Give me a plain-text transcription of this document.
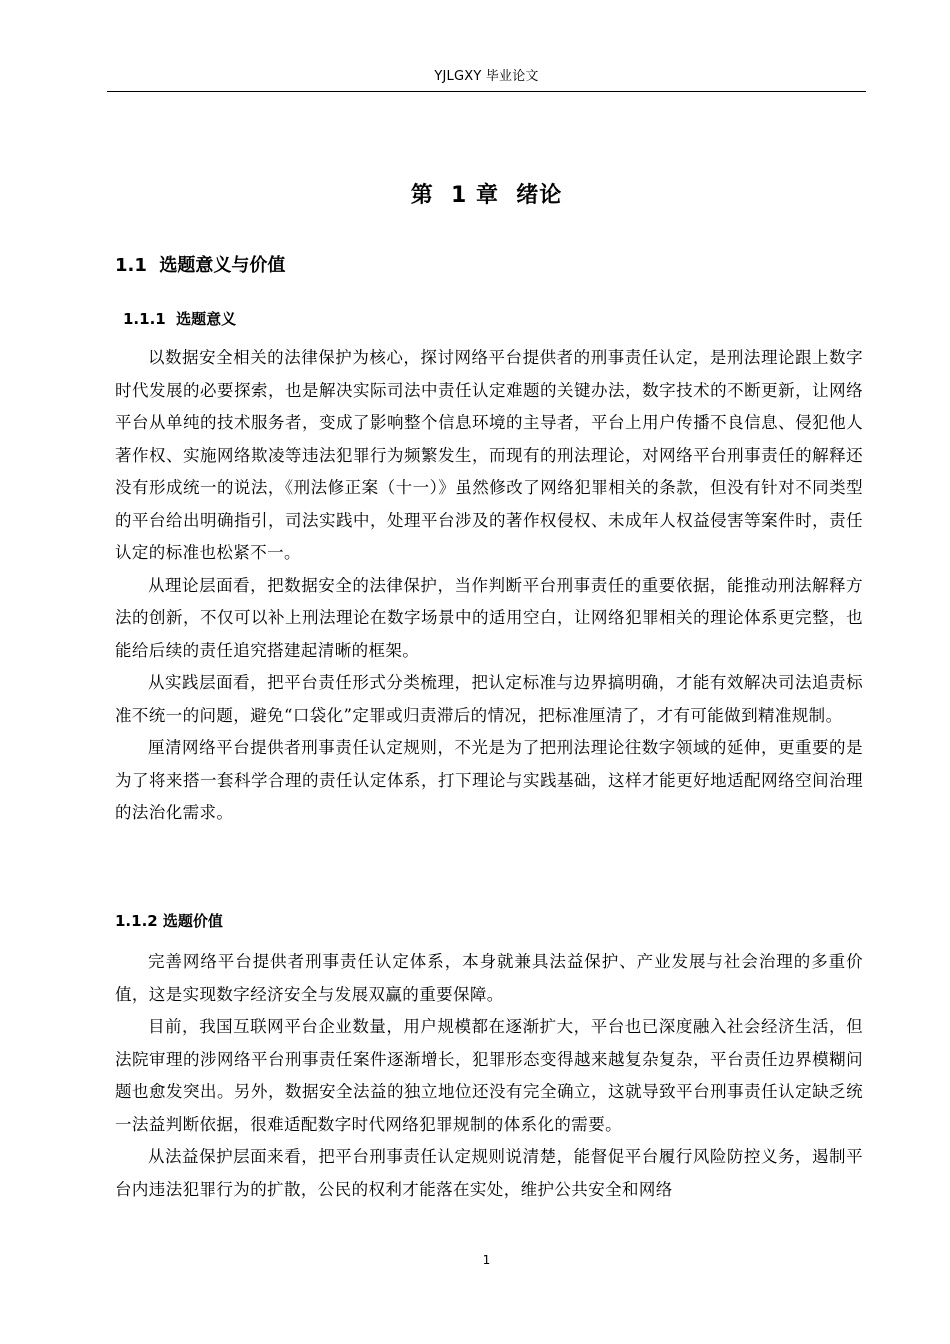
YJLGXY 毕业论文
第  1 章  绪论
1.1  选题意义与价值
1.1.1  选题意义

以数据安全相关的法律保护为核心，探讨网络平台提供者的刑事责任认定，是刑法理论跟上数字时代发展的必要探索，也是解决实际司法中责任认定难题的关键办法，数字技术的不断更新，让网络平台从单纯的技术服务者，变成了影响整个信息环境的主导者，平台上用户传播不良信息、侵犯他人著作权、实施网络欺凌等违法犯罪行为频繁发生，而现有的刑法理论，对网络平台刑事责任的解释还没有形成统一的说法，《刑法修正案（十一）》虽然修改了网络犯罪相关的条款，但没有针对不同类型的平台给出明确指引，司法实践中，处理平台涉及的著作权侵权、未成年人权益侵害等案件时，责任认定的标准也松紧不一。

从理论层面看，把数据安全的法律保护，当作判断平台刑事责任的重要依据，能推动刑法解释方法的创新，不仅可以补上刑法理论在数字场景中的适用空白，让网络犯罪相关的理论体系更完整，也能给后续的责任追究搭建起清晰的框架。

从实践层面看，把平台责任形式分类梳理，把认定标准与边界搞明确，才能有效解决司法追责标准不统一的问题，避免“口袋化”定罪或归责滞后的情况，把标准厘清了，才有可能做到精准规制。

厘清网络平台提供者刑事责任认定规则，不光是为了把刑法理论往数字领域的延伸，更重要的是为了将来搭一套科学合理的责任认定体系，打下理论与实践基础，这样才能更好地适配网络空间治理的法治化需求。

1.1.2 选题价值

完善网络平台提供者刑事责任认定体系，本身就兼具法益保护、产业发展与社会治理的多重价值，这是实现数字经济安全与发展双赢的重要保障。

目前，我国互联网平台企业数量，用户规模都在逐渐扩大，平台也已深度融入社会经济生活，但法院审理的涉网络平台刑事责任案件逐渐增长，犯罪形态变得越来越复杂复杂，平台责任边界模糊问题也愈发突出。另外，数据安全法益的独立地位还没有完全确立，这就导致平台刑事责任认定缺乏统一法益判断依据，很难适配数字时代网络犯罪规制的体系化的需要。

从法益保护层面来看，把平台刑事责任认定规则说清楚，能督促平台履行风险防控义务，遏制平台内违法犯罪行为的扩散，公民的权利才能落在实处，维护公共安全和网络

1
